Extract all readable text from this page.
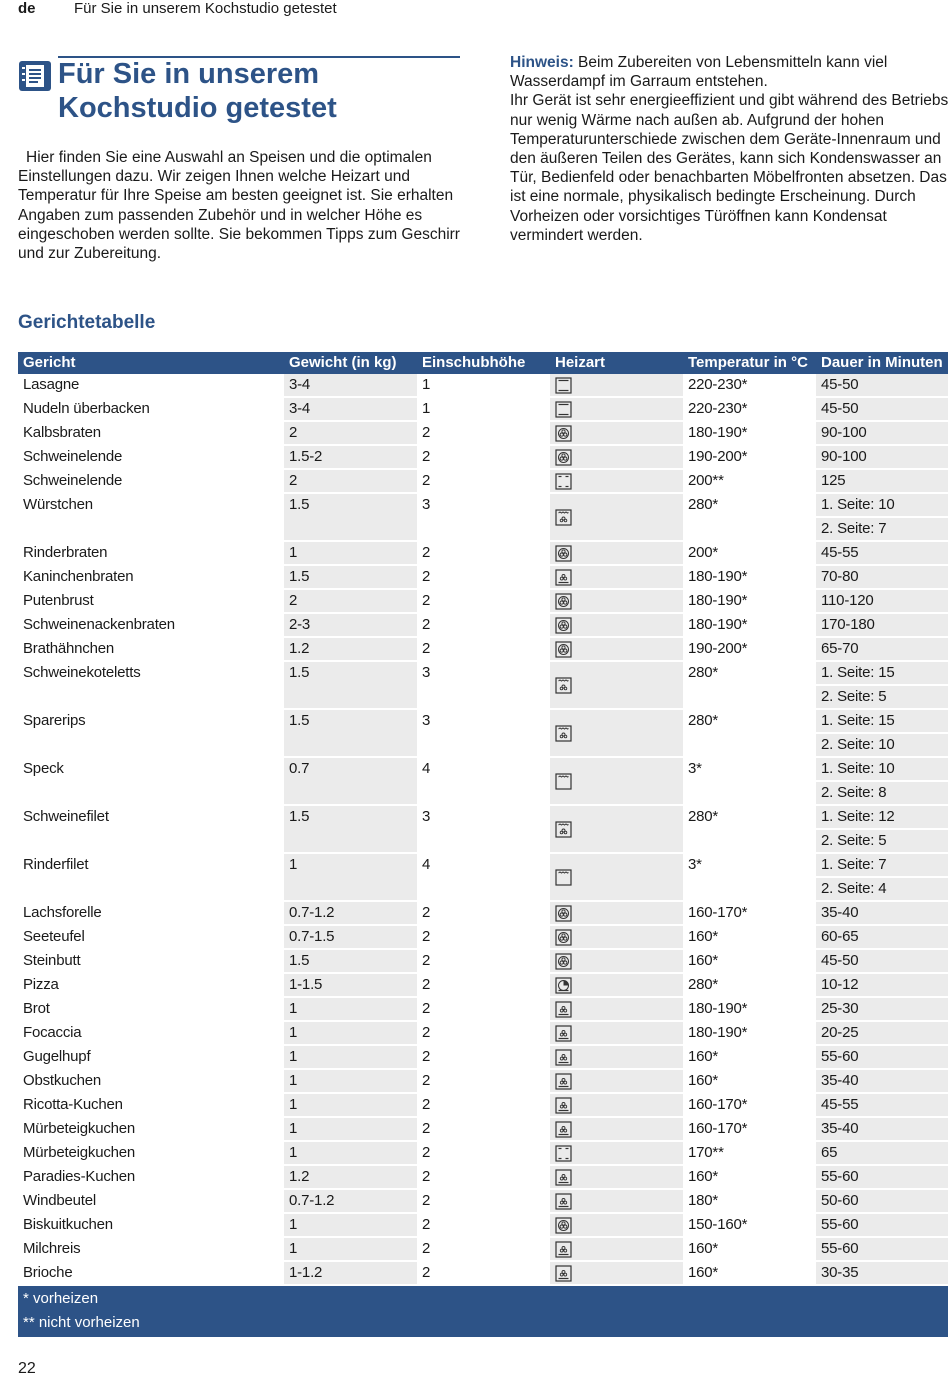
de	Für Sie in unserem Kochstudio getestet
Für Sie in unserem Kochstudio getestet

Hier finden Sie eine Auswahl an Speisen und die optimalen Einstellungen dazu. Wir zeigen Ihnen welche Heizart und Temperatur für Ihre Speise am besten geeignet ist. Sie erhalten Angaben zum passenden Zubehör und in welcher Höhe es eingeschoben werden sollte. Sie bekommen Tipps zum Geschirr und zur Zubereitung.

Hinweis: Beim Zubereiten von Lebensmitteln kann viel Wasserdampf im Garraum entstehen.

Ihr Gerät ist sehr energieeffizient und gibt während des Betriebs nur wenig Wärme nach außen ab. Aufgrund der hohen Temperaturunterschiede zwischen dem Geräte-Innenraum und den äußeren Teilen des Gerätes, kann sich Kondenswasser an Tür, Bedienfeld oder benachbarten Möbelfronten absetzen. Das ist eine normale, physikalisch bedingte Erscheinung. Durch Vorheizen oder vorsichtiges Türöffnen kann Kondensat vermindert werden.

Gerichtetabelle
Gericht	Gewicht (in kg)	Einschubhöhe	Heizart	Temperatur in °C Dauer in Minuten
Lasagne	3-4	1	220-230*	45-50
Nudeln überbacken	3-4	1	220-230*	45-50
Kalbsbraten	2	2	180-190*	90-100
Schweinelende	1.5-2	2	190-200*	90-100
Schweinelende	2	2	200**	125
Würstchen	1.5	3	280*	1. Seite: 10
2. Seite: 7
Rinderbraten	1	2	200*	45-55
Kaninchenbraten	1.5	2	180-190*	70-80
Putenbrust	2	2	180-190*	110-120
Schweinenackenbraten	2-3	2	180-190*	170-180
Brathähnchen	1.2	2	190-200*	65-70
Schweinekoteletts	1.5	3	280*	1. Seite: 15
2. Seite: 5
Sparerips	1.5	3	280*	1. Seite: 15
2. Seite: 10
Speck	0.7	4	3*	1. Seite: 10
2. Seite: 8
Schweinefilet	1.5	3	280*	1. Seite: 12
2. Seite: 5
Rinderfilet	1	4	3*	1. Seite: 7
2. Seite: 4
Lachsforelle	0.7-1.2	2	160-170*	35-40
Seeteufel	0.7-1.5	2	160*	60-65
Steinbutt	1.5	2	160*	45-50
Pizza	1-1.5	2	280*	10-12
Brot	1	2	180-190*	25-30
Focaccia	1	2	180-190*	20-25
Gugelhupf	1	2	160*	55-60
Obstkuchen	1	2	160*	35-40
Ricotta-Kuchen	1	2	160-170*	45-55
Mürbeteigkuchen	1	2	160-170*	35-40
Mürbeteigkuchen	1	2	170**	65
Paradies-Kuchen	1.2	2	160*	55-60
Windbeutel	0.7-1.2	2	180*	50-60
Biskuitkuchen	1	2	150-160*	55-60
Milchreis	1	2	160*	55-60
Brioche	1-1.2	2	160*	30-35
* vorheizen
** nicht vorheizen
22
